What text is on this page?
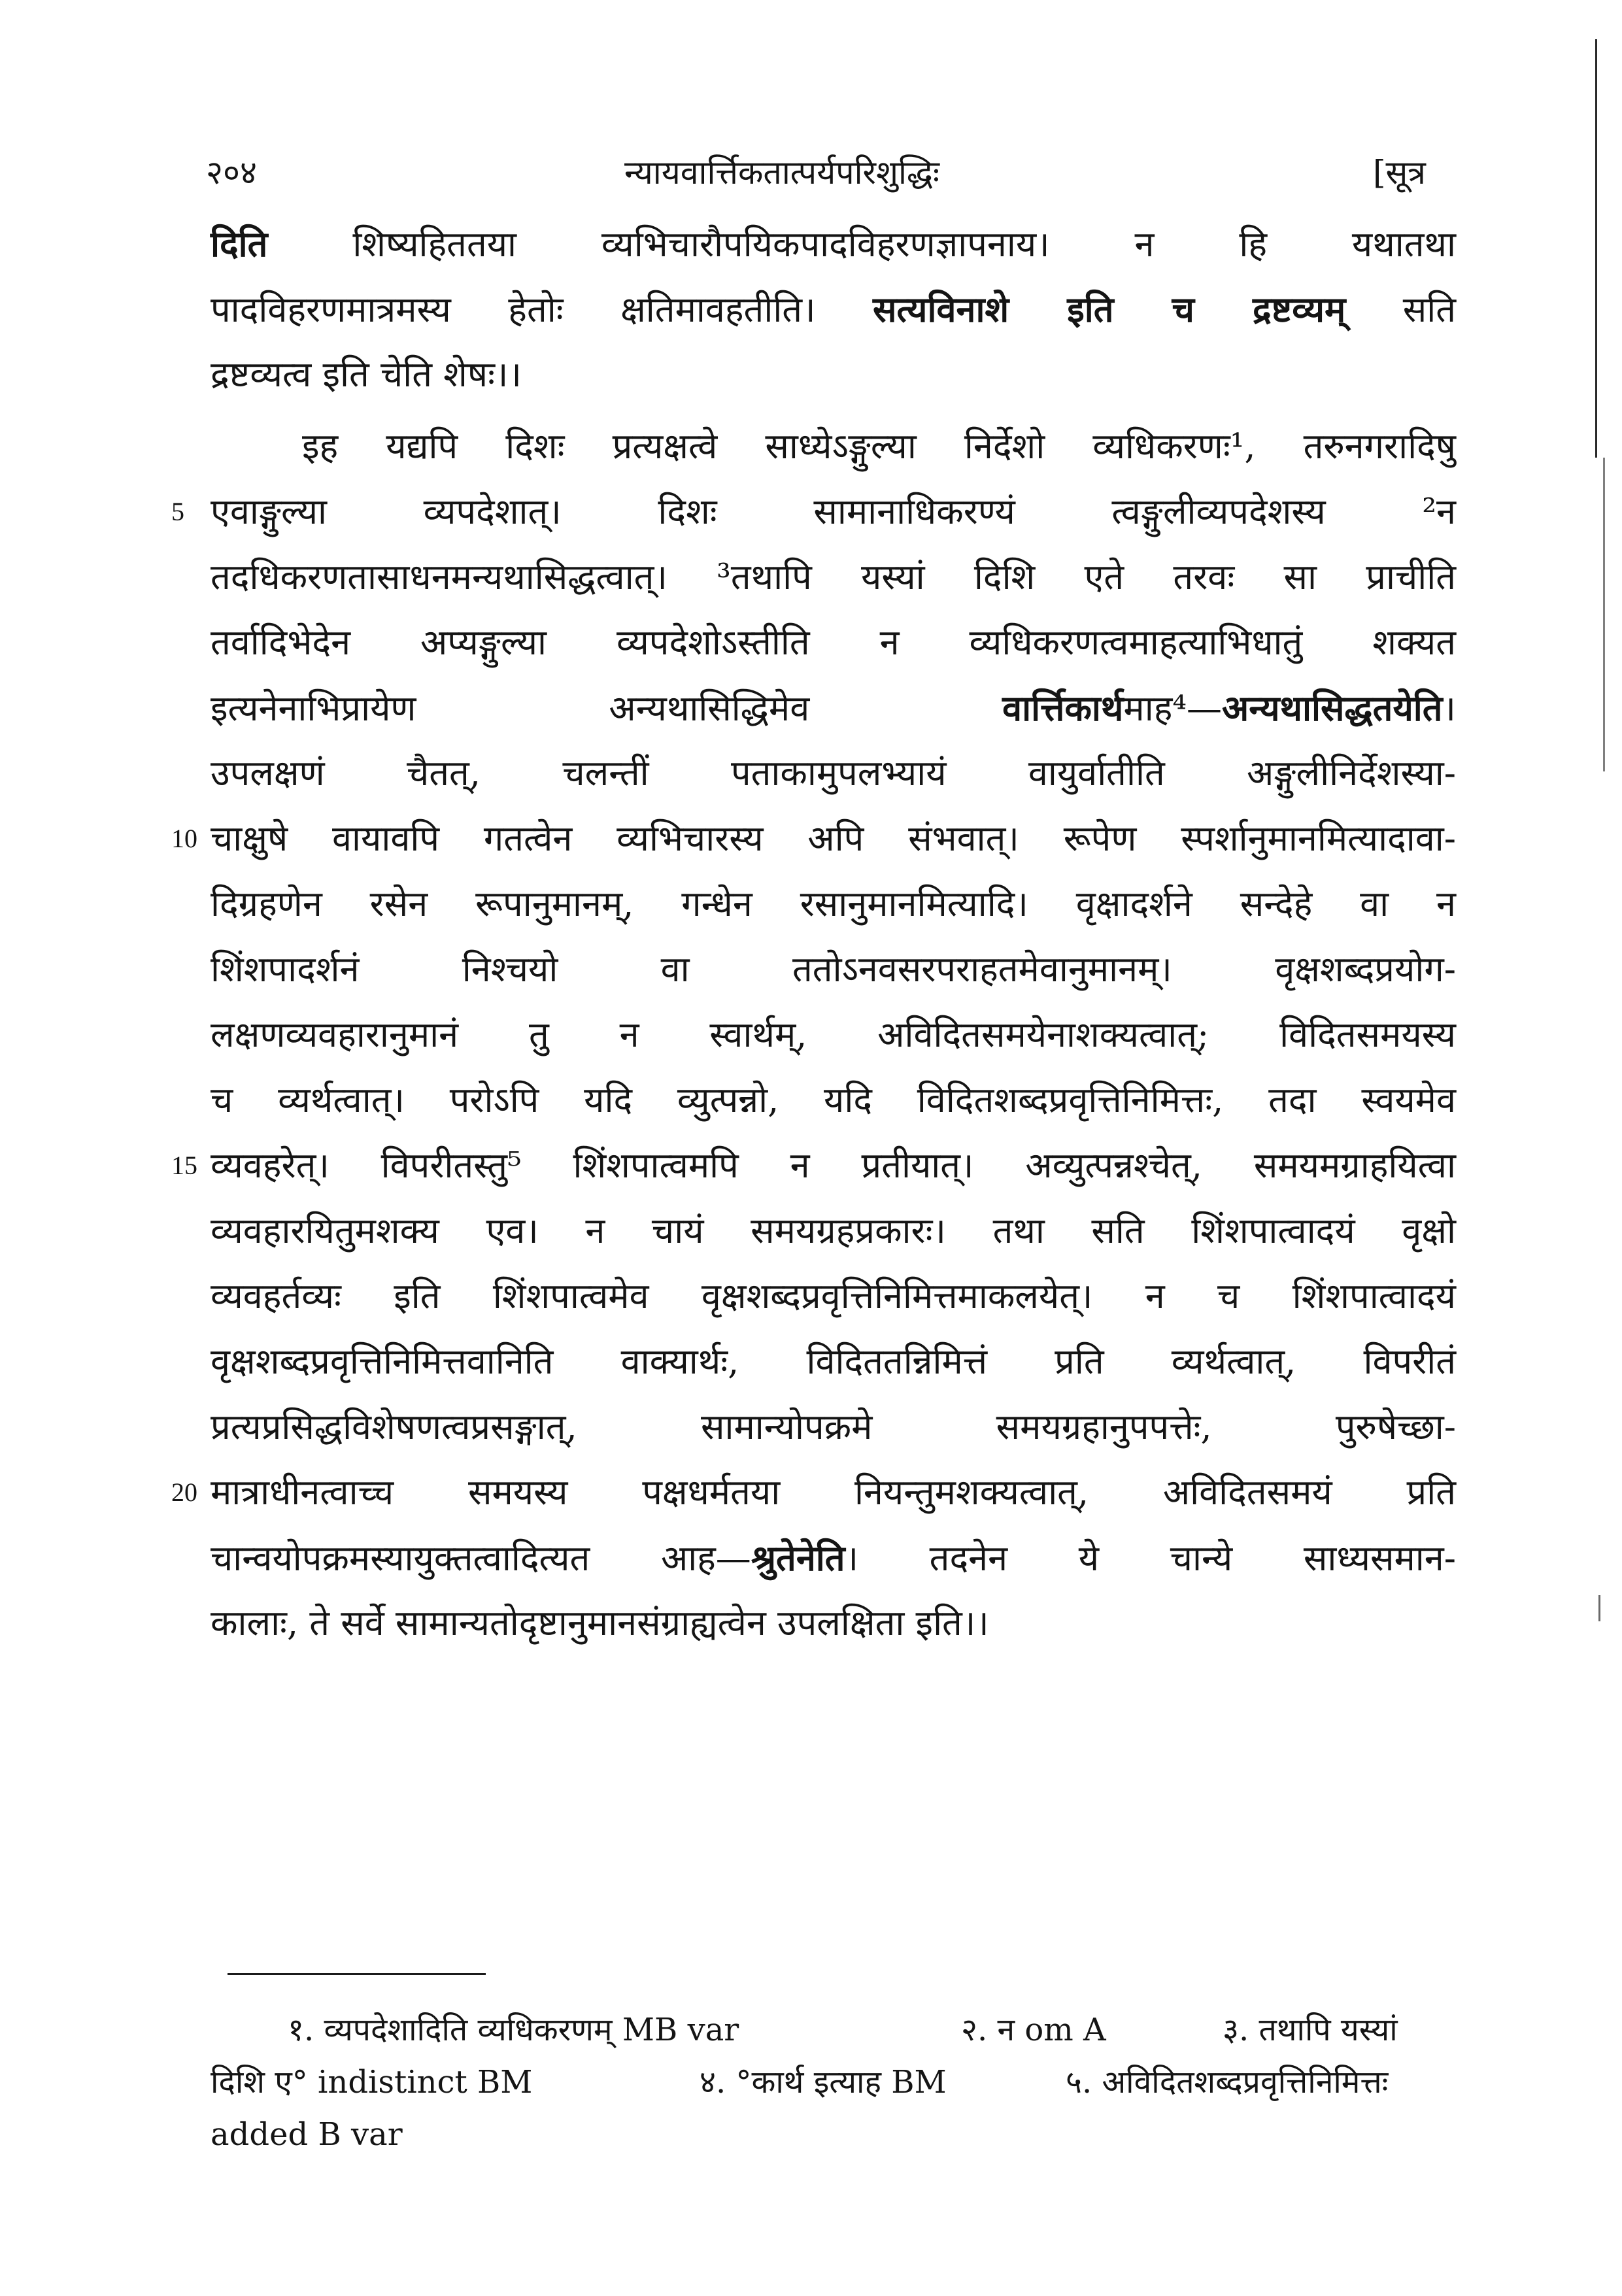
२०४	न्यायवार्त्तिकतात्पर्यपरिशुद्धिः	[सूत्र
दिति शिष्यहिततया व्यभिचारौपयिकपादविहरणज्ञापनाय। न हि यथातथा
पादविहरणमात्रमस्य हेतोः क्षतिमावहतीति। सत्यविनाशे इति च द्रष्टव्यम् सति
द्रष्टव्यत्व इति चेति शेषः।।
इह यद्यपि दिशः प्रत्यक्षत्वे साध्येऽङ्गुल्या निर्देशो व्यधिकरणः¹, तरुनगरादिषु
5 एवाङ्गुल्या व्यपदेशात्। दिशः सामानाधिकरण्यं त्वङ्गुलीव्यपदेशस्य ²न
तदधिकरणतासाधनमन्यथासिद्धत्वात्। ³तथापि यस्यां दिशि एते तरवः सा प्राचीति
तर्वादिभेदेन अप्यङ्गुल्या व्यपदेशोऽस्तीति न व्यधिकरणत्वमाहत्याभिधातुं शक्यत
इत्यनेनाभिप्रायेण अन्यथासिद्धिमेव वार्त्तिकार्थमाह⁴—अन्यथासिद्धतयेति।
उपलक्षणं चैतत्, चलन्तीं पताकामुपलभ्यायं वायुर्वातीति अङ्गुलीनिर्देशस्या-
10 चाक्षुषे वायावपि गतत्वेन व्यभिचारस्य अपि संभवात्। रूपेण स्पर्शानुमानमित्यादावा-
दिग्रहणेन रसेन रूपानुमानम्, गन्धेन रसानुमानमित्यादि। वृक्षादर्शने सन्देहे वा न
शिंशपादर्शनं निश्चयो वा ततोऽनवसरपराहतमेवानुमानम्। वृक्षशब्दप्रयोग-
लक्षणव्यवहारानुमानं तु न स्वार्थम्, अविदितसमयेनाशक्यत्वात्; विदितसमयस्य
च व्यर्थत्वात्। परोऽपि यदि व्युत्पन्नो, यदि विदितशब्दप्रवृत्तिनिमित्तः, तदा स्वयमेव
15 व्यवहरेत्। विपरीतस्तु⁵ शिंशपात्वमपि न प्रतीयात्। अव्युत्पन्नश्चेत्, समयमग्राहयित्वा
व्यवहारयितुमशक्य एव। न चायं समयग्रहप्रकारः। तथा सति शिंशपात्वादयं वृक्षो
व्यवहर्तव्यः इति शिंशपात्वमेव वृक्षशब्दप्रवृत्तिनिमित्तमाकलयेत्। न च शिंशपात्वादयं
वृक्षशब्दप्रवृत्तिनिमित्तवानिति वाक्यार्थः, विदिततन्निमित्तं प्रति व्यर्थत्वात्, विपरीतं
प्रत्यप्रसिद्धविशेषणत्वप्रसङ्गात्, सामान्योपक्रमे समयग्रहानुपपत्तेः, पुरुषेच्छा-
20 मात्राधीनत्वाच्च समयस्य पक्षधर्मतया नियन्तुमशक्यत्वात्, अविदितसमयं प्रति
चान्वयोपक्रमस्यायुक्तत्वादित्यत आह—श्रुतेनेति। तदनेन ये चान्ये साध्यसमान-
कालाः, ते सर्वे सामान्यतोदृष्टानुमानसंग्राह्यत्वेन उपलक्षिता इति।।
१. व्यपदेशादिति व्यधिकरणम् MB var	२. न om A	३. तथापि यस्यां
दिशि ए° indistinct BM	४. °कार्थ इत्याह BM	५. अविदितशब्दप्रवृत्तिनिमित्तः
added B var
